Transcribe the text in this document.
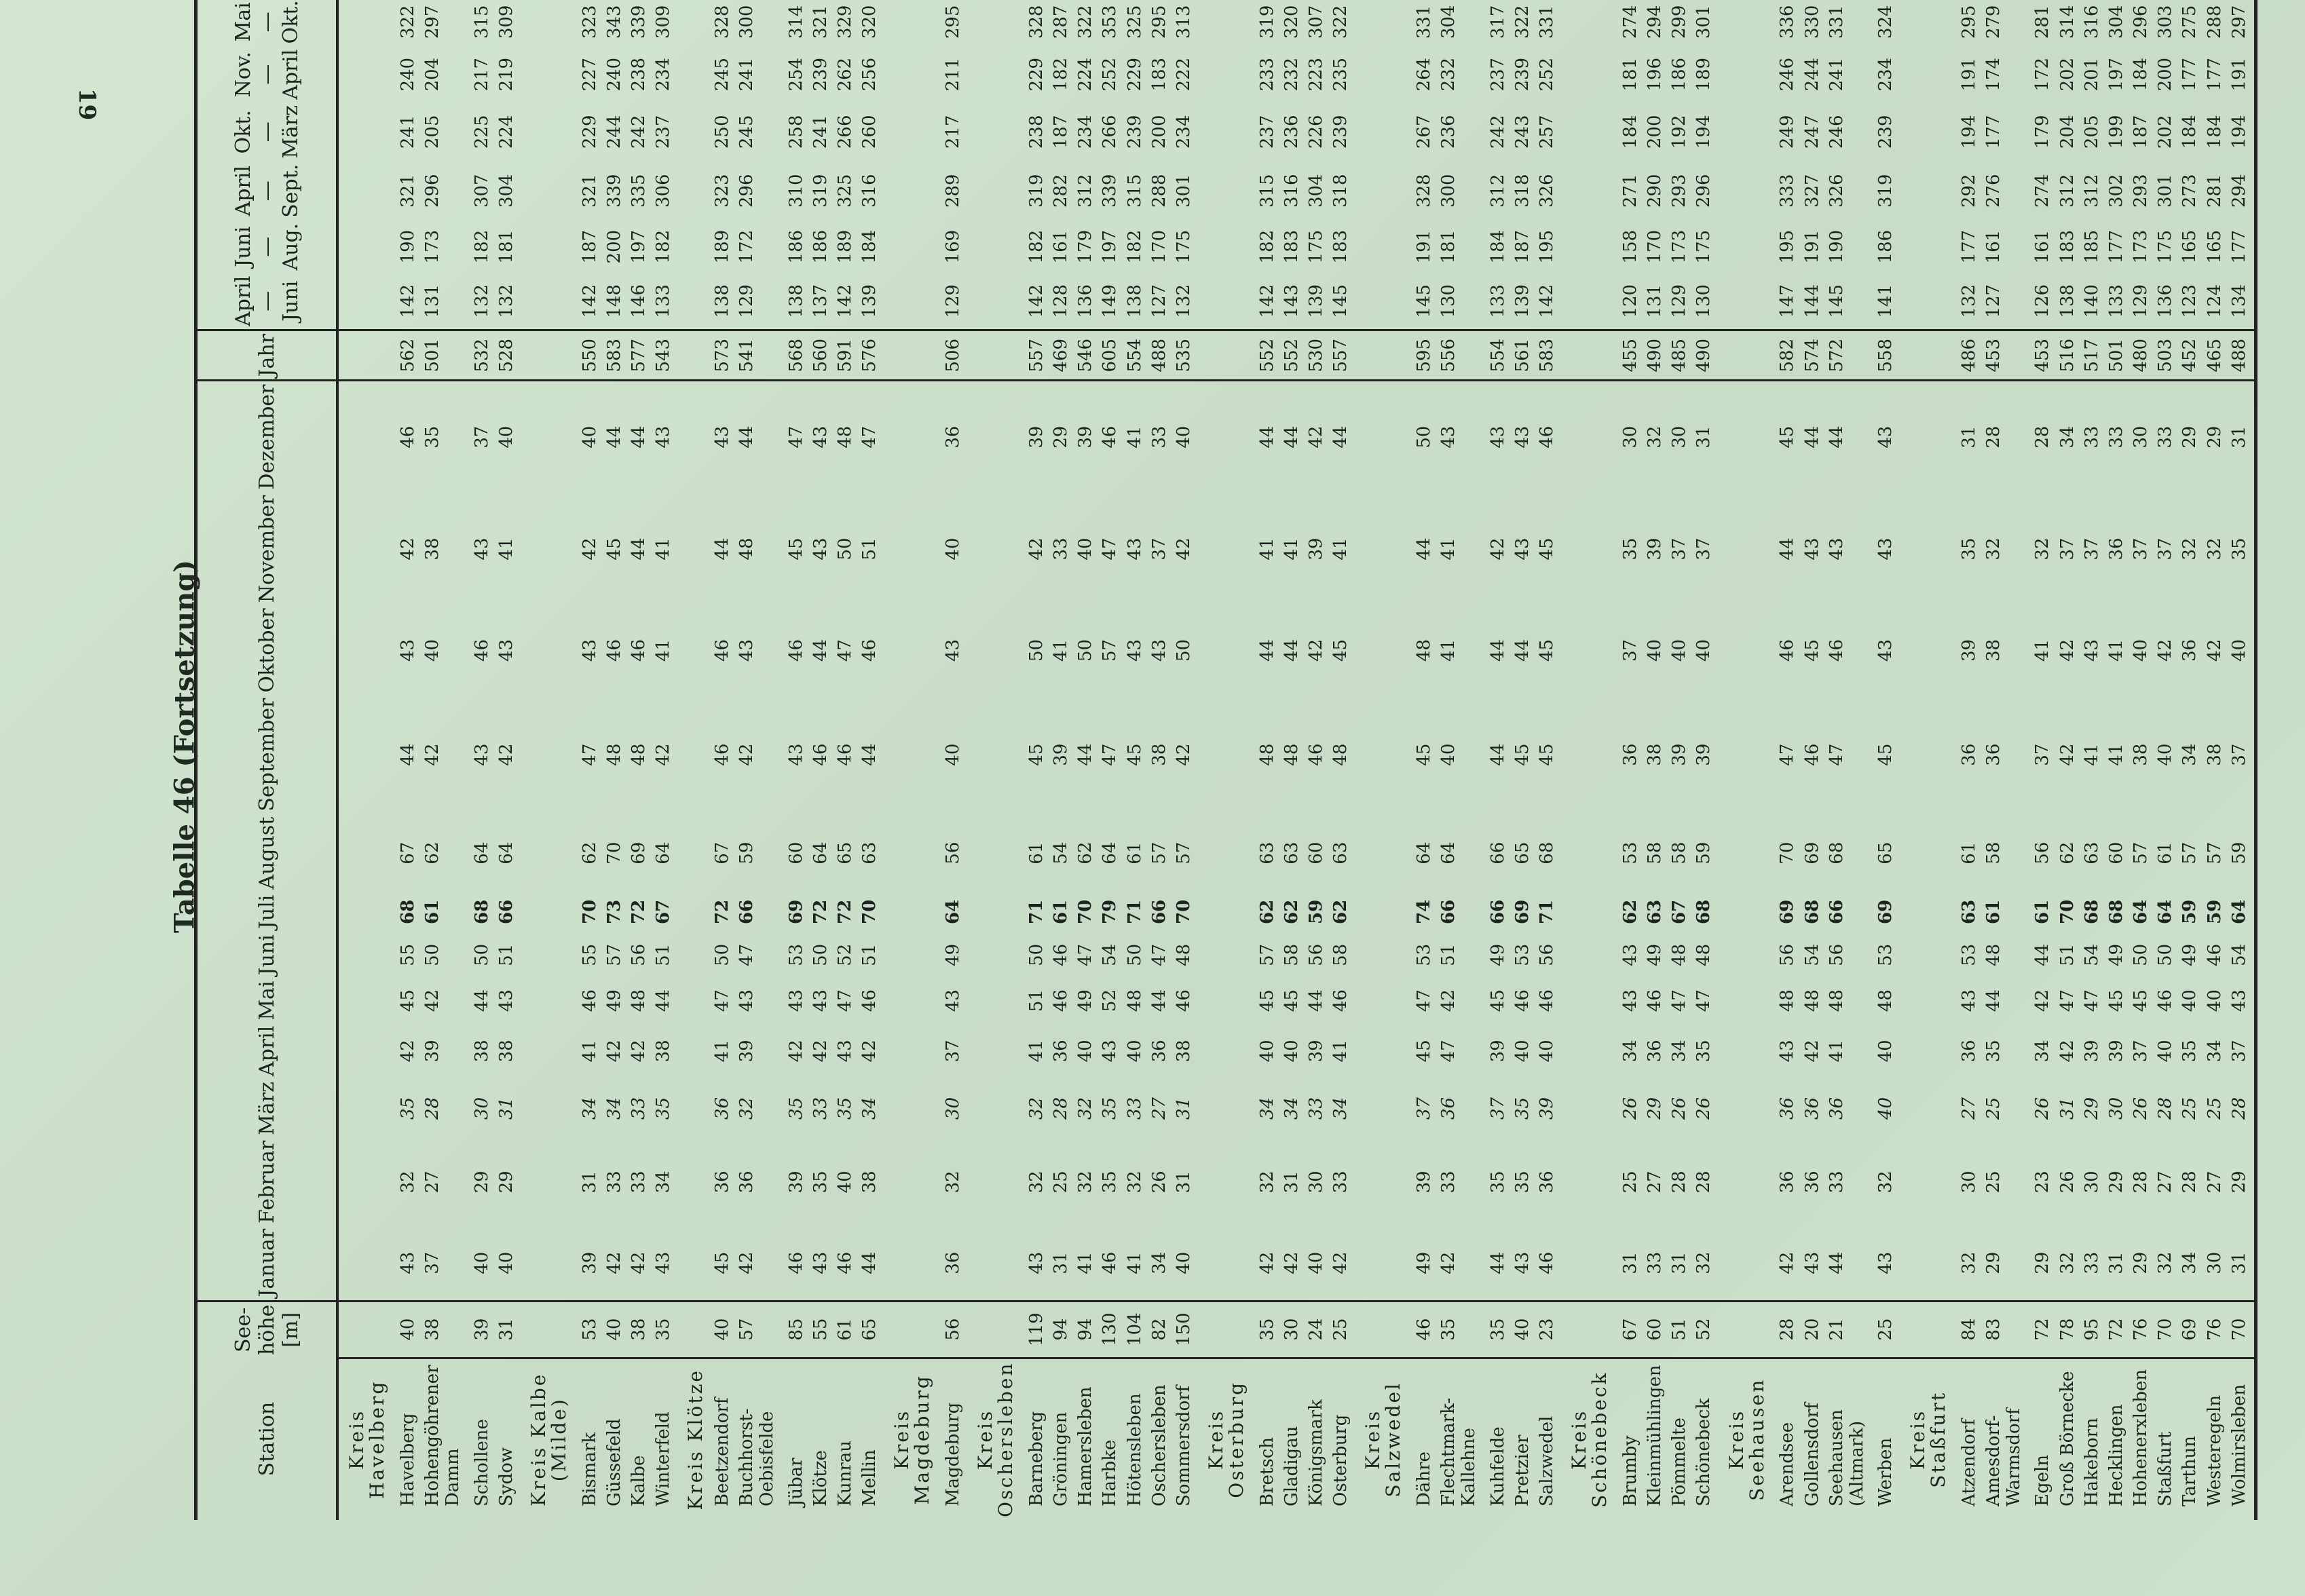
19
Tabelle 46 (Fortsetzung)
Station	See-
höhe
[m]	Januar	Februar	März	April	Mai	Juni	Juli	August	September	Oktober	November	Dezember	Jahr	April—Juni	Juni—Aug.	April—Sept.	Okt.—März	Nov.—April	Mai—Okt.
Kreis Havelberg																				
Havelberg	40	43	32	35	42	45	55	68	67	44	43	42	46	562	142	190	321	241	240	322
Hohengöhrener Damm	38	37	27	28	39	42	50	61	62	42	40	38	35	501	131	173	296	205	204	297
Schollene	39	40	29	30	38	44	50	68	64	43	46	43	37	532	132	182	307	225	217	315
Sydow	31	40	29	31	38	43	51	66	64	42	43	41	40	528	132	181	304	224	219	309
Kreis Kalbe (Milde)																				
Bismark	53	39	31	34	41	46	55	70	62	47	43	42	40	550	142	187	321	229	227	323
Güssefeld	40	42	33	34	42	49	57	73	70	48	46	45	44	583	148	200	339	244	240	343
Kalbe	38	42	33	33	42	48	56	72	69	48	46	44	44	577	146	197	335	242	238	339
Winterfeld	35	43	34	35	38	44	51	67	64	42	41	41	43	543	133	182	306	237	234	309
Kreis Klötze																				
Beetzendorf	40	45	36	36	41	47	50	72	67	46	46	44	43	573	138	189	323	250	245	328
Buchhorst-Oebisfelde	57	42	36	32	39	43	47	66	59	42	43	48	44	541	129	172	296	245	241	300
Jübar	85	46	39	35	42	43	53	69	60	43	46	45	47	568	138	186	310	258	254	314
Klötze	55	43	35	33	42	43	50	72	64	46	44	43	43	560	137	186	319	241	239	321
Kunrau	61	46	40	35	43	47	52	72	65	46	47	50	48	591	142	189	325	266	262	329
Mellin	65	44	38	34	42	46	51	70	63	44	46	51	47	576	139	184	316	260	256	320
Kreis Magdeburg																				
Magdeburg	56	36	32	30	37	43	49	64	56	40	43	40	36	506	129	169	289	217	211	295
Kreis Oschersleben																				
Barneberg	119	43	32	32	41	51	50	71	61	45	50	42	39	557	142	182	319	238	229	328
Gröningen	94	31	25	28	36	46	46	61	54	39	41	33	29	469	128	161	282	187	182	287
Hamersleben	94	41	32	32	40	49	47	70	62	44	50	40	39	546	136	179	312	234	224	322
Harbke	130	46	35	35	43	52	54	79	64	47	57	47	46	605	149	197	339	266	252	353
Hötensleben	104	41	32	33	40	48	50	71	61	45	43	43	41	554	138	182	315	239	229	325
Oschersleben	82	34	26	27	36	44	47	66	57	38	43	37	33	488	127	170	288	200	183	295
Sommersdorf	150	40	31	31	38	46	48	70	57	42	50	42	40	535	132	175	301	234	222	313
Kreis Osterburg																				
Bretsch	35	42	32	34	40	45	57	62	63	48	44	41	44	552	142	182	315	237	233	319
Gladigau	30	42	31	34	40	45	58	62	63	48	44	41	44	552	143	183	316	236	232	320
Königsmark	24	40	30	33	39	44	56	59	60	46	42	39	42	530	139	175	304	226	223	307
Osterburg	25	42	33	34	41	46	58	62	63	48	45	41	44	557	145	183	318	239	235	322
Kreis Salzwedel																				
Dähre	46	49	39	37	45	47	53	74	64	45	48	44	50	595	145	191	328	267	264	331
Flechtmark-Kallehne	35	42	33	36	47	42	51	66	64	40	41	41	43	556	130	181	300	236	232	304
Kuhfelde	35	44	35	37	39	45	49	66	66	44	44	42	43	554	133	184	312	242	237	317
Pretzier	40	43	35	35	40	46	53	69	65	45	44	43	43	561	139	187	318	243	239	322
Salzwedel	23	46	36	39	40	46	56	71	68	45	45	45	46	583	142	195	326	257	252	331
Kreis Schönebeck																				
Brumby	67	31	25	26	34	43	43	62	53	36	37	35	30	455	120	158	271	184	181	274
Kleinmühlingen	60	33	27	29	36	46	49	63	58	38	40	39	32	490	131	170	290	200	196	294
Pömmelte	51	31	28	26	34	47	48	67	58	39	40	37	30	485	129	173	293	192	186	299
Schönebeck	52	32	28	26	35	47	48	68	59	39	40	37	31	490	130	175	296	194	189	301
Kreis Seehausen																				
Arendsee	28	42	36	36	43	48	56	69	70	47	46	44	45	582	147	195	333	249	246	336
Gollensdorf	20	43	36	36	42	48	54	68	69	46	45	43	44	574	144	191	327	247	244	330
Seehausen (Altmark)	21	44	33	36	41	48	56	66	68	47	46	43	44	572	145	190	326	246	241	331
Werben	25	43	32	40	40	48	53	69	65	45	43	43	43	558	141	186	319	239	234	324
Kreis Staßfurt																				
Atzendorf	84	32	30	27	36	43	53	63	61	36	39	35	31	486	132	177	292	194	191	295
Amesdorf-Warmsdorf	83	29	25	25	35	44	48	61	58	36	38	32	28	453	127	161	276	177	174	279
Egeln	72	29	23	26	34	42	44	61	56	37	41	32	28	453	126	161	274	179	172	281
Groß Börnecke	78	32	26	31	42	47	51	70	62	42	42	37	34	516	138	183	312	204	202	314
Hakeborn	95	33	30	29	39	47	54	68	63	41	43	37	33	517	140	185	312	205	201	316
Hecklingen	72	31	29	30	39	45	49	68	60	41	41	36	33	501	133	177	302	199	197	304
Hohenerxleben	76	29	28	26	37	45	50	64	57	38	40	37	30	480	129	173	293	187	184	296
Staßfurt	70	32	27	28	40	46	50	64	61	40	42	37	33	503	136	175	301	202	200	303
Tarthun	69	34	28	25	35	40	49	59	57	34	36	32	29	452	123	165	273	184	177	275
Westeregeln	76	30	27	25	34	40	46	59	57	38	42	32	29	465	124	165	281	184	177	288
Wolmirsleben	70	31	29	28	37	43	54	64	59	37	40	35	31	488	134	177	294	194	191	297
